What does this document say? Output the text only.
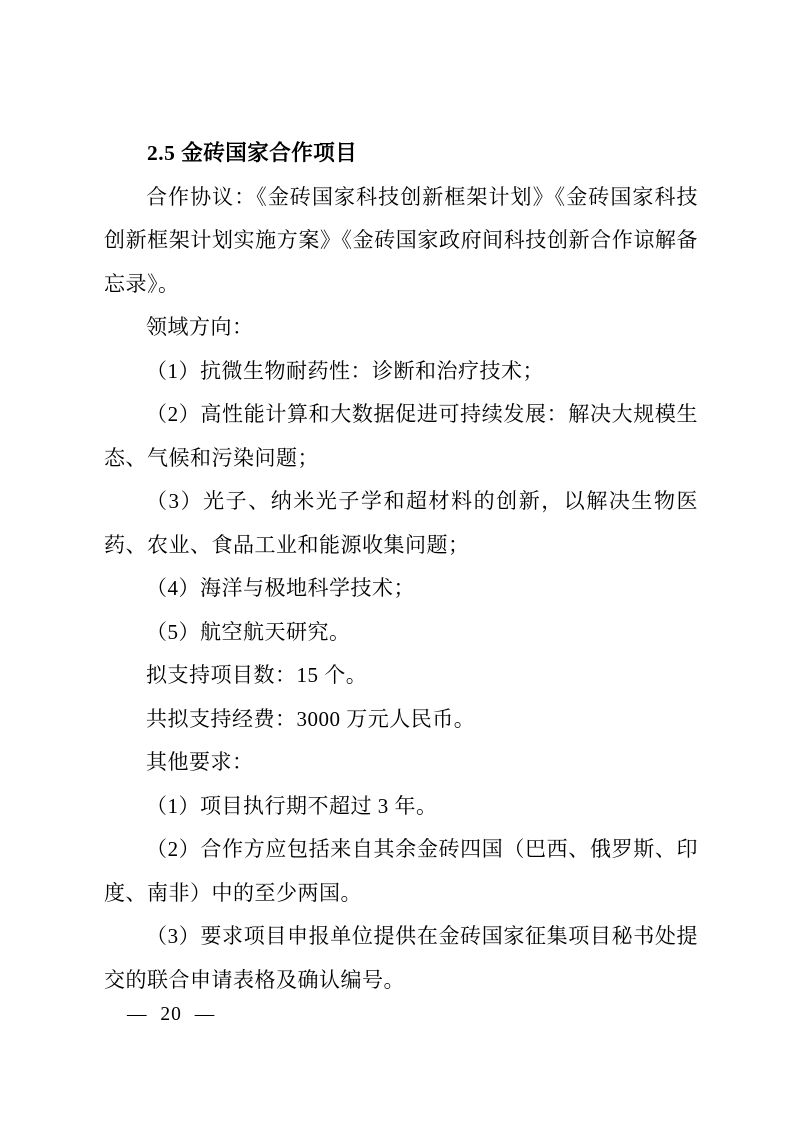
2.5 金砖国家合作项目

合作协议：《金砖国家科技创新框架计划》《金砖国家科技创新框架计划实施方案》《金砖国家政府间科技创新合作谅解备忘录》。

领域方向：

（1）抗微生物耐药性：诊断和治疗技术；

（2）高性能计算和大数据促进可持续发展：解决大规模生态、气候和污染问题；

（3）光子、纳米光子学和超材料的创新，以解决生物医药、农业、食品工业和能源收集问题；

（4）海洋与极地科学技术；

（5）航空航天研究。

拟支持项目数：15 个。

共拟支持经费：3000 万元人民币。

其他要求：

（1）项目执行期不超过 3 年。

（2）合作方应包括来自其余金砖四国（巴西、俄罗斯、印度、南非）中的至少两国。

（3）要求项目申报单位提供在金砖国家征集项目秘书处提交的联合申请表格及确认编号。

— 20 —
